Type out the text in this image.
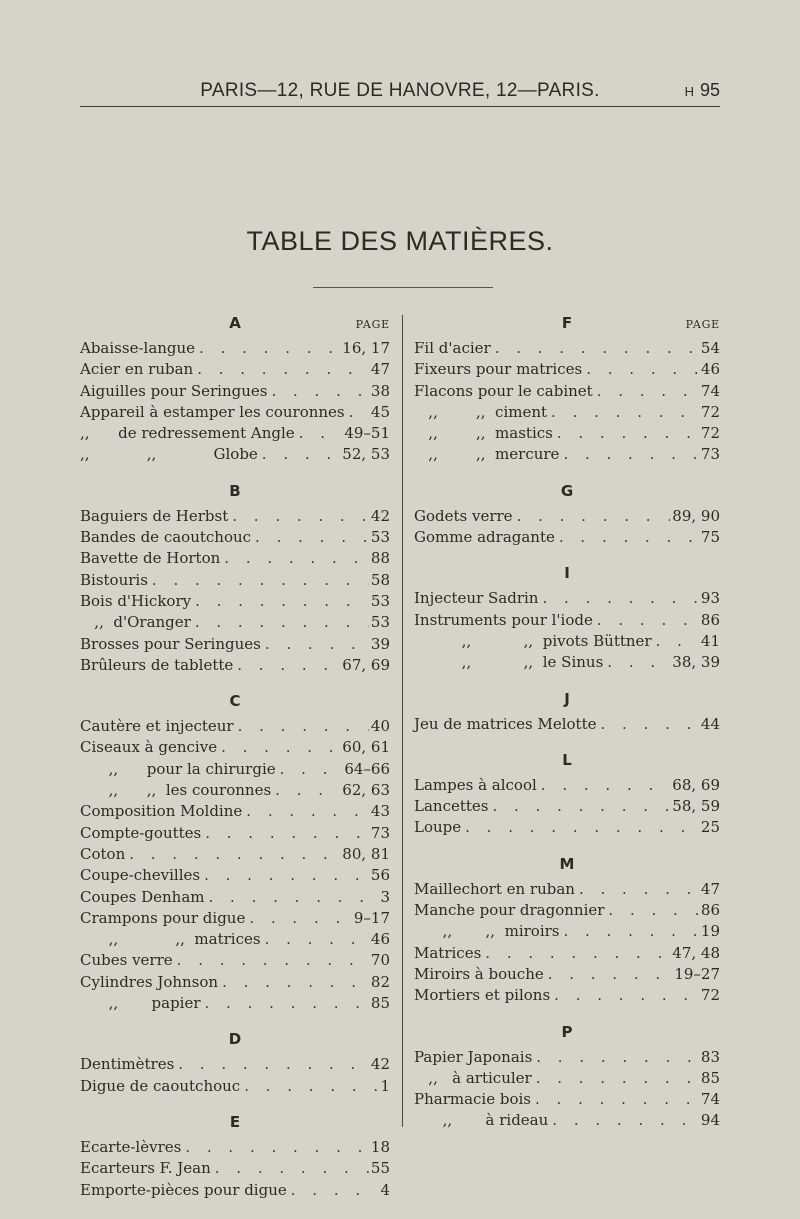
PARIS—12, RUE DE HANOVRE, 12—PARIS.	H 95
TABLE DES MATIÈRES.
A	PAGE
Abaisse-langue . . .	16, 17
Acier en ruban . . .	47
Aiguilles pour Seringues . . .	38
Appareil à estamper les couronnes . . . 45
,,      de redressement Angle . . .	49–51
,,            ,,            Globe . . .	52, 53
B
Baguiers de Herbst . . .	42
Bandes de caoutchouc . . .	53
Bavette de Horton . . .	88
Bistouris . . .	58
Bois d'Hickory . . .	53
,,  d'Oranger . . .	53
Brosses pour Seringues . . .	39
Brûleurs de tablette . . .	67, 69
C
Cautère et injecteur . . .	40
Ciseaux à gencive . . .	60, 61
,,      pour la chirurgie . . .	64–66
,,      ,,  les couronnes . . .	62, 63
Composition Moldine . . .	43
Compte-gouttes . . .	73
Coton . . .	80, 81
Coupe-chevilles . . .	56
Coupes Denham . . .	3
Crampons pour digue . . .	9–17
,,            ,,  matrices . . .	46
Cubes verre . . .	70
Cylindres Johnson . . .	82
,,       papier . . .	85
D
Dentimètres . . .	42
Digue de caoutchouc . . .	1
E
Ecarte-lèvres . . .	18
Ecarteurs F. Jean . . .	55
Emporte-pièces pour digue . . .	4
F	PAGE
Fil d'acier . . .	54
Fixeurs pour matrices . . .	46
Flacons pour le cabinet . . .	74
,,        ,,  ciment . . .	72
,,        ,,  mastics . . .	72
,,        ,,  mercure . . .	73
G
Godets verre . . .	89, 90
Gomme adragante . . .	75
I
Injecteur Sadrin . . .	93
Instruments pour l'iode . . .	86
,,           ,,  pivots Büttner . . .	41
,,           ,,  le Sinus . . .	38, 39
J
Jeu de matrices Melotte . . .	44
L
Lampes à alcool . . .	68, 69
Lancettes . . .	58, 59
Loupe . . .	25
M
Maillechort en ruban . . .	47
Manche pour dragonnier . . .	86
,,       ,,  miroirs . . .	19
Matrices . . .	47, 48
Miroirs à bouche . . .	19–27
Mortiers et pilons . . .	72
P
Papier Japonais . . .	83
,,   à articuler . . .	85
Pharmacie bois . . .	74
,,       à rideau . . .	94
